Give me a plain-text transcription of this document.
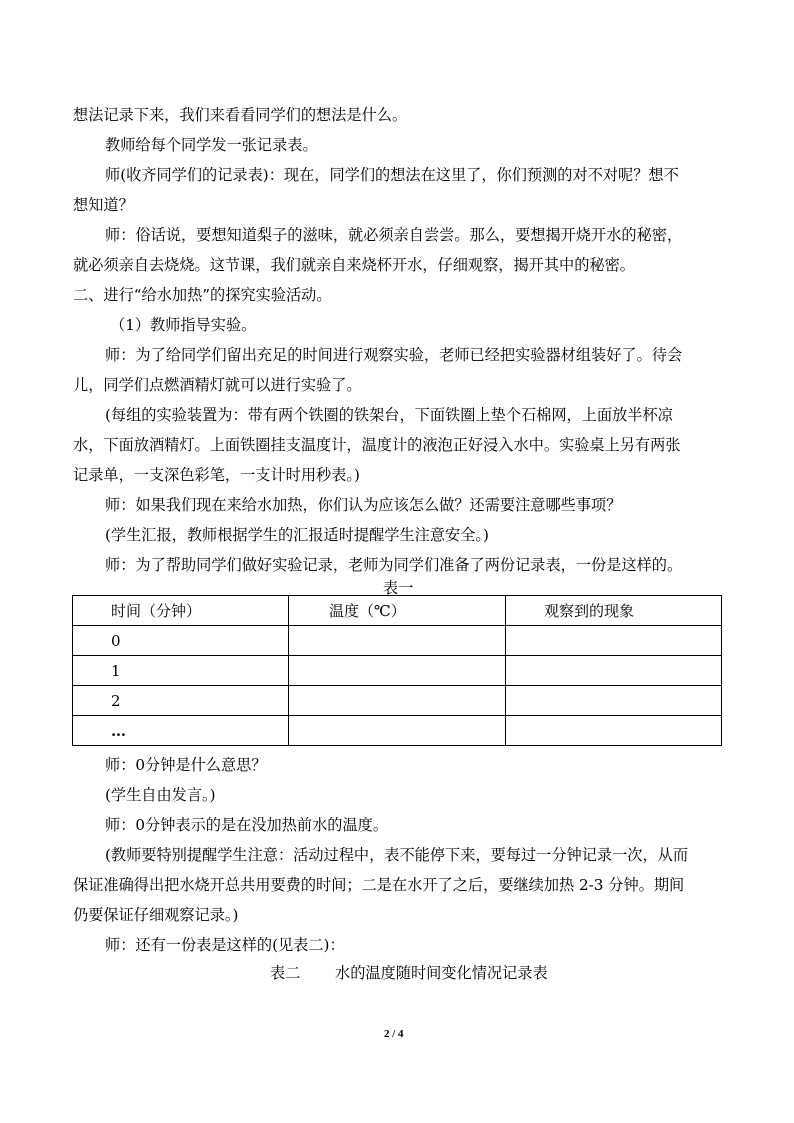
想法记录下来，我们来看看同学们的想法是什么。
教师给每个同学发一张记录表。
师(收齐同学们的记录表)：现在，同学们的想法在这里了，你们预测的对不对呢？想不
想知道？
师：俗话说，要想知道梨子的滋味，就必须亲自尝尝。那么，要想揭开烧开水的秘密，
就必须亲自去烧烧。这节课，我们就亲自来烧杯开水，仔细观察，揭开其中的秘密。
二、进行“给水加热”的探究实验活动。
（1）教师指导实验。
师：为了给同学们留出充足的时间进行观察实验，老师已经把实验器材组装好了。待会
儿，同学们点燃酒精灯就可以进行实验了。
(每组的实验装置为：带有两个铁圈的铁架台，下面铁圈上垫个石棉网，上面放半杯凉
水，下面放酒精灯。上面铁圈挂支温度计，温度计的液泡正好浸入水中。实验桌上另有两张
记录单，一支深色彩笔，一支计时用秒表。)
师：如果我们现在来给水加热，你们认为应该怎么做？还需要注意哪些事项？
(学生汇报，教师根据学生的汇报适时提醒学生注意安全。)
师：为了帮助同学们做好实验记录，老师为同学们准备了两份记录表，一份是这样的。
表一
时间（分钟）	温度（℃）	观察到的现象
0		
1		
2		
…		
师：0分钟是什么意思？
(学生自由发言。)
师：0分钟表示的是在没加热前水的温度。
(教师要特别提醒学生注意：活动过程中，表不能停下来，要每过一分钟记录一次，从而
保证准确得出把水烧开总共用要费的时间；二是在水开了之后，要继续加热 2-3 分钟。期间
仍要保证仔细观察记录。)
师：还有一份表是这样的(见表二)：
表二 水的温度随时间变化情况记录表
2 / 4
